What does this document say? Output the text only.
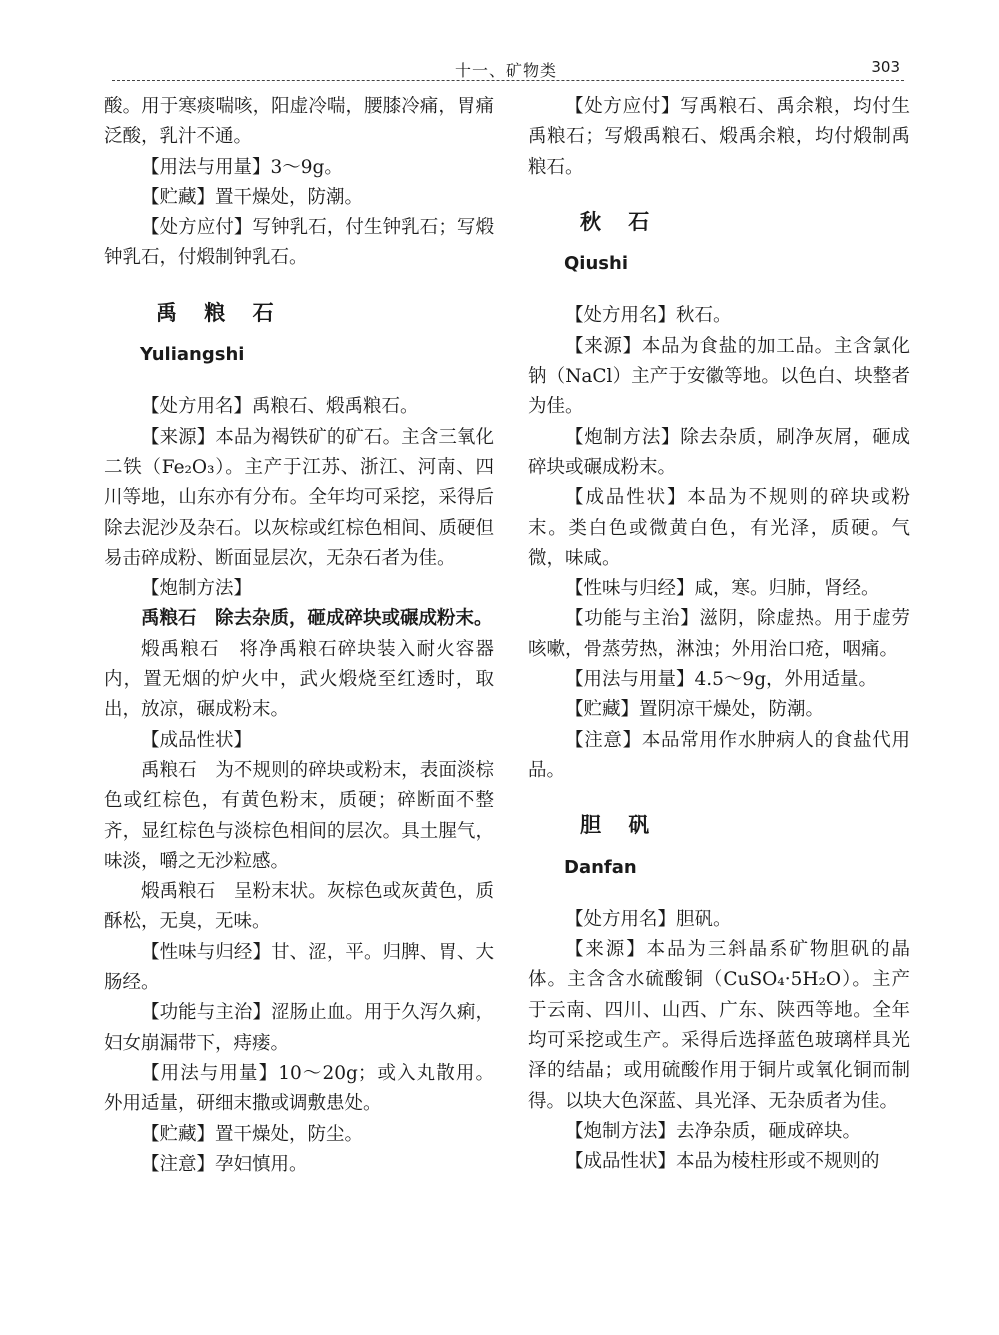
十一、矿物类	303

酸。用于寒痰喘咳，阳虚冷喘，腰膝冷痛，胃痛泛酸，乳汁不通。

【用法与用量】3～9g。

【贮藏】置干燥处，防潮。

【处方应付】写钟乳石，付生钟乳石；写煅钟乳石，付煅制钟乳石。

禹 粮 石

Yuliangshi

【处方用名】禹粮石、煅禹粮石。

【来源】本品为褐铁矿的矿石。主含三氧化二铁（Fe₂O₃）。主产于江苏、浙江、河南、四川等地，山东亦有分布。全年均可采挖，采得后除去泥沙及杂石。以灰棕或红棕色相间、质硬但易击碎成粉、断面显层次，无杂石者为佳。

【炮制方法】

禹粮石　除去杂质，砸成碎块或碾成粉末。

煅禹粮石　将净禹粮石碎块装入耐火容器内，置无烟的炉火中，武火煅烧至红透时，取出，放凉，碾成粉末。

【成品性状】

禹粮石　为不规则的碎块或粉末，表面淡棕色或红棕色，有黄色粉末，质硬；碎断面不整齐，显红棕色与淡棕色相间的层次。具土腥气，味淡，嚼之无沙粒感。

煅禹粮石　呈粉末状。灰棕色或灰黄色，质酥松，无臭，无味。

【性味与归经】甘、涩，平。归脾、胃、大肠经。

【功能与主治】涩肠止血。用于久泻久痢，妇女崩漏带下，痔瘘。

【用法与用量】10～20g；或入丸散用。外用适量，研细末撒或调敷患处。

【贮藏】置干燥处，防尘。

【注意】孕妇慎用。

【处方应付】写禹粮石、禹余粮，均付生禹粮石；写煅禹粮石、煅禹余粮，均付煅制禹粮石。

秋 石

Qiushi

【处方用名】秋石。

【来源】本品为食盐的加工品。主含氯化钠（NaCl）主产于安徽等地。以色白、块整者为佳。

【炮制方法】除去杂质，刷净灰屑，砸成碎块或碾成粉末。

【成品性状】本品为不规则的碎块或粉末。类白色或微黄白色，有光泽，质硬。气微，味咸。

【性味与归经】咸，寒。归肺，肾经。

【功能与主治】滋阴，除虚热。用于虚劳咳嗽，骨蒸劳热，淋浊；外用治口疮，咽痛。

【用法与用量】4.5～9g，外用适量。

【贮藏】置阴凉干燥处，防潮。

【注意】本品常用作水肿病人的食盐代用品。

胆 矾

Danfan

【处方用名】胆矾。

【来源】本品为三斜晶系矿物胆矾的晶体。主含含水硫酸铜（CuSO₄·5H₂O）。主产于云南、四川、山西、广东、陕西等地。全年均可采挖或生产。采得后选择蓝色玻璃样具光泽的结晶；或用硫酸作用于铜片或氧化铜而制得。以块大色深蓝、具光泽、无杂质者为佳。

【炮制方法】去净杂质，砸成碎块。

【成品性状】本品为棱柱形或不规则的
